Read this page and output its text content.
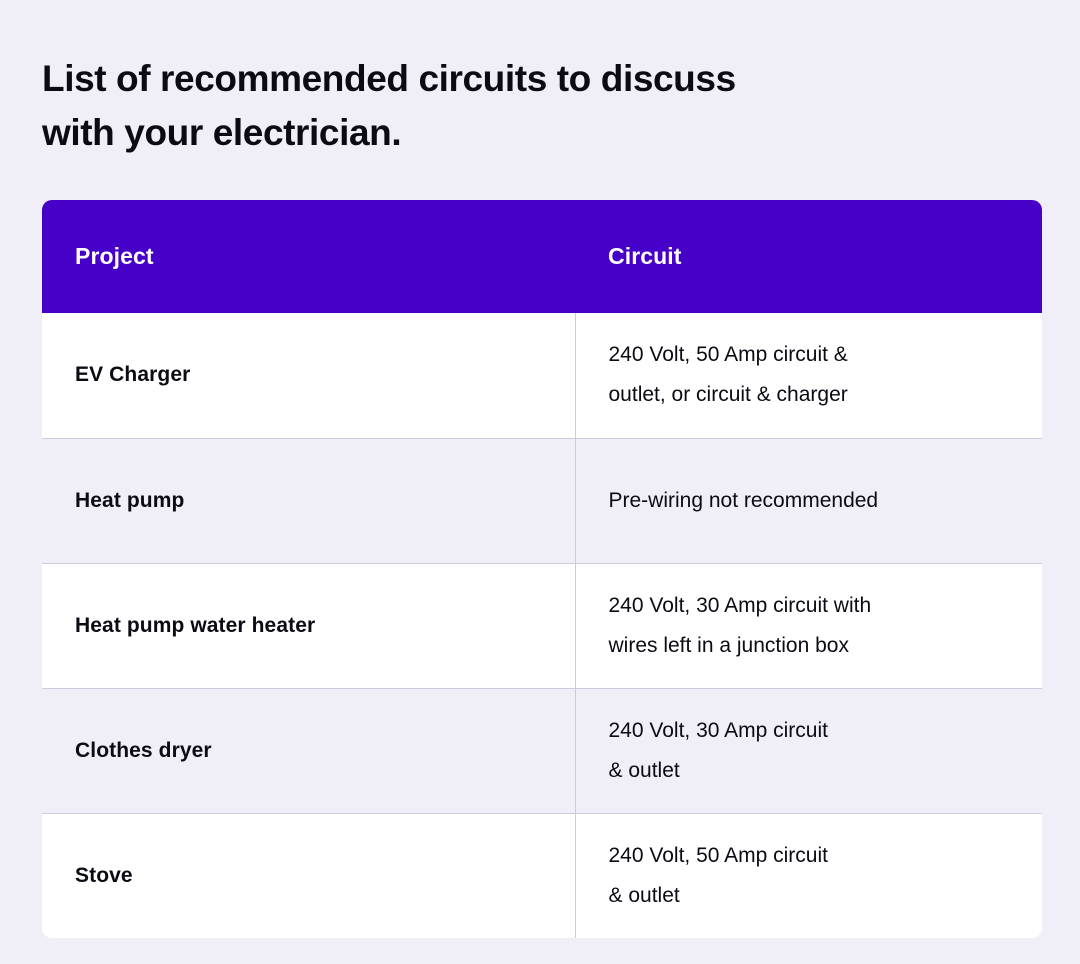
List of recommended circuits to discuss
with your electrician.
Project	Circuit
EV Charger	240 Volt, 50 Amp circuit &
outlet, or circuit & charger

Heat pump	Pre-wiring not recommended

Heat pump water heater	240 Volt, 30 Amp circuit with
wires left in a junction box

Clothes dryer	240 Volt, 30 Amp circuit
& outlet

Stove	240 Volt, 50 Amp circuit
& outlet
